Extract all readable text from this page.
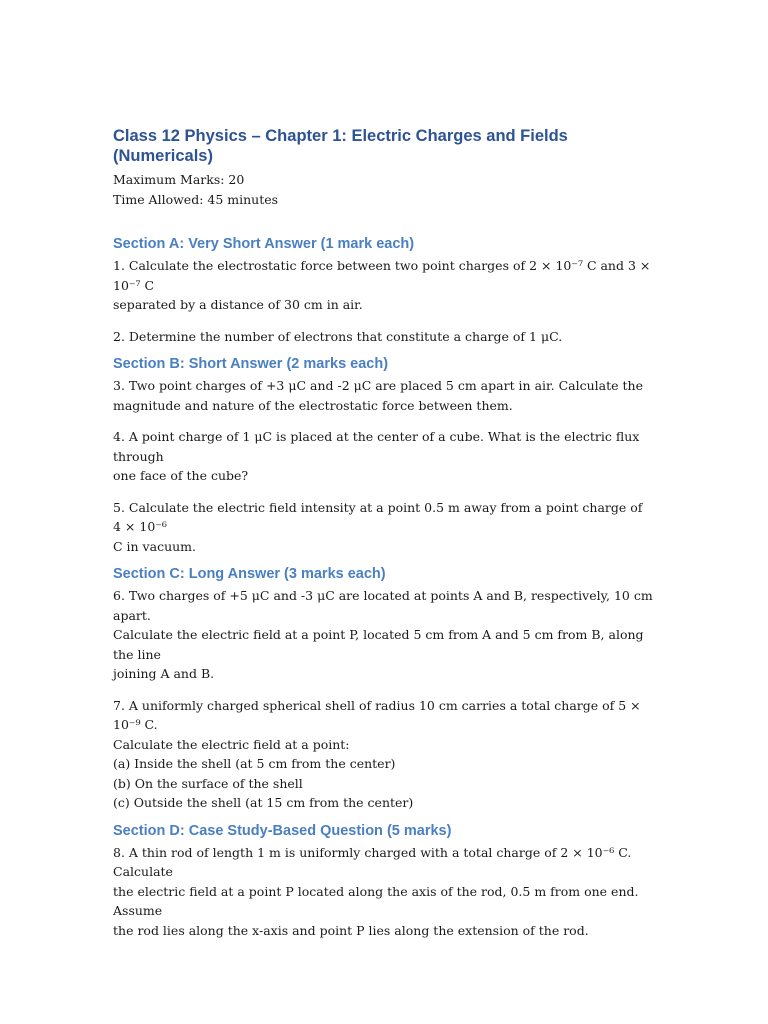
Class 12 Physics – Chapter 1: Electric Charges and Fields (Numericals)

Maximum Marks: 20

Time Allowed: 45 minutes

Section A: Very Short Answer (1 mark each)

1. Calculate the electrostatic force between two point charges of 2 × 10⁻⁷ C and 3 × 10⁻⁷ C
separated by a distance of 30 cm in air.

2. Determine the number of electrons that constitute a charge of 1 μC.

Section B: Short Answer (2 marks each)

3. Two point charges of +3 μC and -2 μC are placed 5 cm apart in air. Calculate the
magnitude and nature of the electrostatic force between them.

4. A point charge of 1 μC is placed at the center of a cube. What is the electric flux through
one face of the cube?

5. Calculate the electric field intensity at a point 0.5 m away from a point charge of 4 × 10⁻⁶
C in vacuum.

Section C: Long Answer (3 marks each)

6. Two charges of +5 μC and -3 μC are located at points A and B, respectively, 10 cm apart.
Calculate the electric field at a point P, located 5 cm from A and 5 cm from B, along the line
joining A and B.

7. A uniformly charged spherical shell of radius 10 cm carries a total charge of 5 × 10⁻⁹ C.
Calculate the electric field at a point:
(a) Inside the shell (at 5 cm from the center)
(b) On the surface of the shell
(c) Outside the shell (at 15 cm from the center)

Section D: Case Study-Based Question (5 marks)

8. A thin rod of length 1 m is uniformly charged with a total charge of 2 × 10⁻⁶ C. Calculate
the electric field at a point P located along the axis of the rod, 0.5 m from one end. Assume
the rod lies along the x-axis and point P lies along the extension of the rod.
